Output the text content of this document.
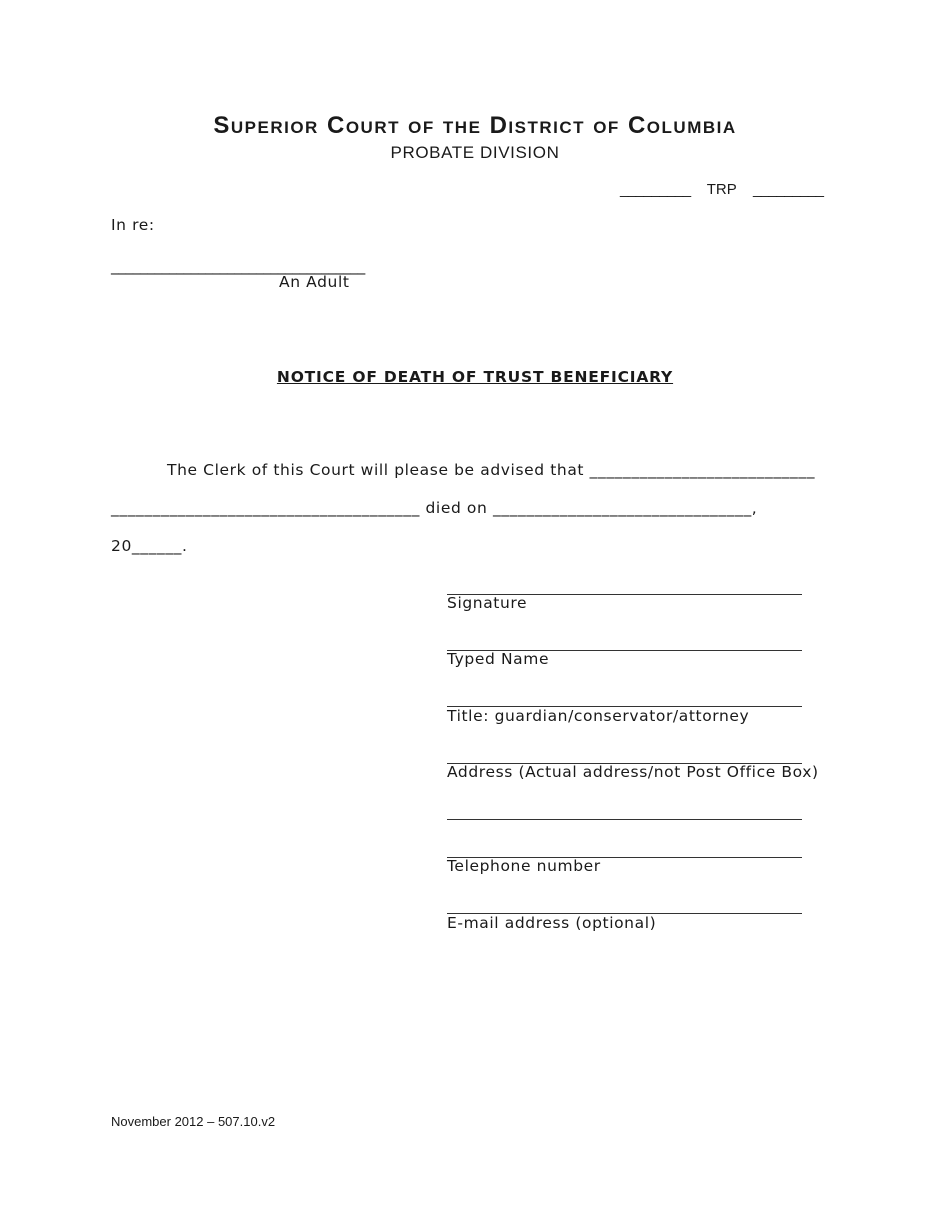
Superior Court of the District of Columbia
PROBATE DIVISION
_________ TRP _________
In re:
___________________________________
An Adult
NOTICE OF DEATH OF TRUST BENEFICIARY
The Clerk of this Court will please be advised that ___________________________
_____________________________________ died on _______________________________,
20______.
Signature
Typed Name
Title: guardian/conservator/attorney
Address (Actual address/not Post Office Box)
Telephone number
E-mail address (optional)
November 2012 – 507.10.v2
